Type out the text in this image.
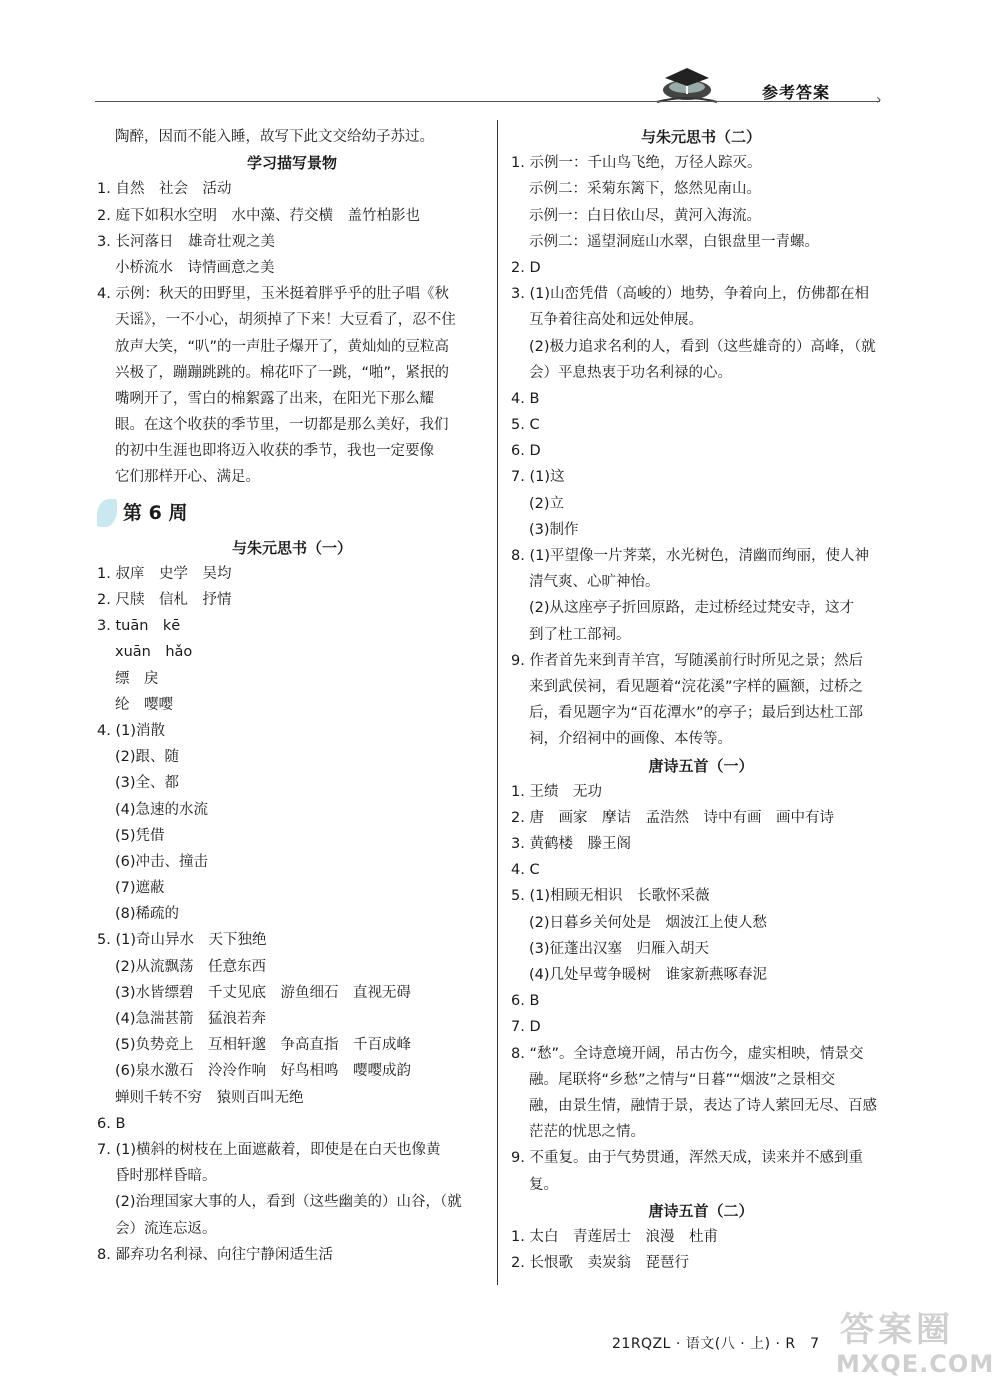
›
参考答案
陶醉，因而不能入睡，故写下此文交给幼子苏过。
学习描写景物
1. 自然　社会　活动
2. 庭下如积水空明　水中藻、荇交横　盖竹柏影也
3. 长河落日　雄奇壮观之美
小桥流水　诗情画意之美
4. 示例：秋天的田野里，玉米挺着胖乎乎的肚子唱《秋
天谣》，一不小心，胡须掉了下来！大豆看了，忍不住
放声大笑，“叭”的一声肚子爆开了，黄灿灿的豆粒高
兴极了，蹦蹦跳跳的。棉花吓了一跳，“啪”，紧抿的
嘴咧开了，雪白的棉絮露了出来，在阳光下那么耀
眼。在这个收获的季节里，一切都是那么美好，我们
的初中生涯也即将迈入收获的季节，我也一定要像
它们那样开心、满足。
第 6 周
与朱元思书（一）
1. 叔庠　史学　吴均
2. 尺牍　信札　抒情
3. tuān　kē
xuān　hǎo
缥　戾
纶　嘤嘤
4. (1)消散
(2)跟、随
(3)全、都
(4)急速的水流
(5)凭借
(6)冲击、撞击
(7)遮蔽
(8)稀疏的
5. (1)奇山异水　天下独绝
(2)从流飘荡　任意东西
(3)水皆缥碧　千丈见底　游鱼细石　直视无碍
(4)急湍甚箭　猛浪若奔
(5)负势竞上　互相轩邈　争高直指　千百成峰
(6)泉水激石　泠泠作响　好鸟相鸣　嘤嘤成韵
蝉则千转不穷　猿则百叫无绝
6. B
7. (1)横斜的树枝在上面遮蔽着，即使是在白天也像黄
昏时那样昏暗。
(2)治理国家大事的人，看到（这些幽美的）山谷，（就
会）流连忘返。
8. 鄙弃功名利禄、向往宁静闲适生活
与朱元思书（二）
1. 示例一：千山鸟飞绝，万径人踪灭。
示例二：采菊东篱下，悠然见南山。
示例一：白日依山尽，黄河入海流。
示例二：遥望洞庭山水翠，白银盘里一青螺。
2. D
3. (1)山峦凭借（高峻的）地势，争着向上，仿佛都在相
互争着往高处和远处伸展。
(2)极力追求名利的人，看到（这些雄奇的）高峰，（就
会）平息热衷于功名利禄的心。
4. B
5. C
6. D
7. (1)这
(2)立
(3)制作
8. (1)平望像一片荠菜，水光树色，清幽而绚丽，使人神
清气爽、心旷神怡。
(2)从这座亭子折回原路，走过桥经过梵安寺，这才
到了杜工部祠。
9. 作者首先来到青羊宫，写随溪前行时所见之景；然后
来到武侯祠，看见题着“浣花溪”字样的匾额，过桥之
后，看见题字为“百花潭水”的亭子；最后到达杜工部
祠，介绍祠中的画像、本传等。
唐诗五首（一）
1. 王绩　无功
2. 唐　画家　摩诘　孟浩然　诗中有画　画中有诗
3. 黄鹤楼　滕王阁
4. C
5. (1)相顾无相识　长歌怀采薇
(2)日暮乡关何处是　烟波江上使人愁
(3)征蓬出汉塞　归雁入胡天
(4)几处早莺争暖树　谁家新燕啄春泥
6. B
7. D
8. “愁”。全诗意境开阔，吊古伤今，虚实相映，情景交
融。尾联将“乡愁”之情与“日暮”“烟波”之景相交
融，由景生情，融情于景，表达了诗人萦回无尽、百感
茫茫的忧思之情。
9. 不重复。由于气势贯通，浑然天成，读来并不感到重
复。
唐诗五首（二）
1. 太白　青莲居士　浪漫　杜甫
2. 长恨歌　卖炭翁　琵琶行
21RQZL · 语文(八 · 上) · R　7 答案圈
MXQE.COM
